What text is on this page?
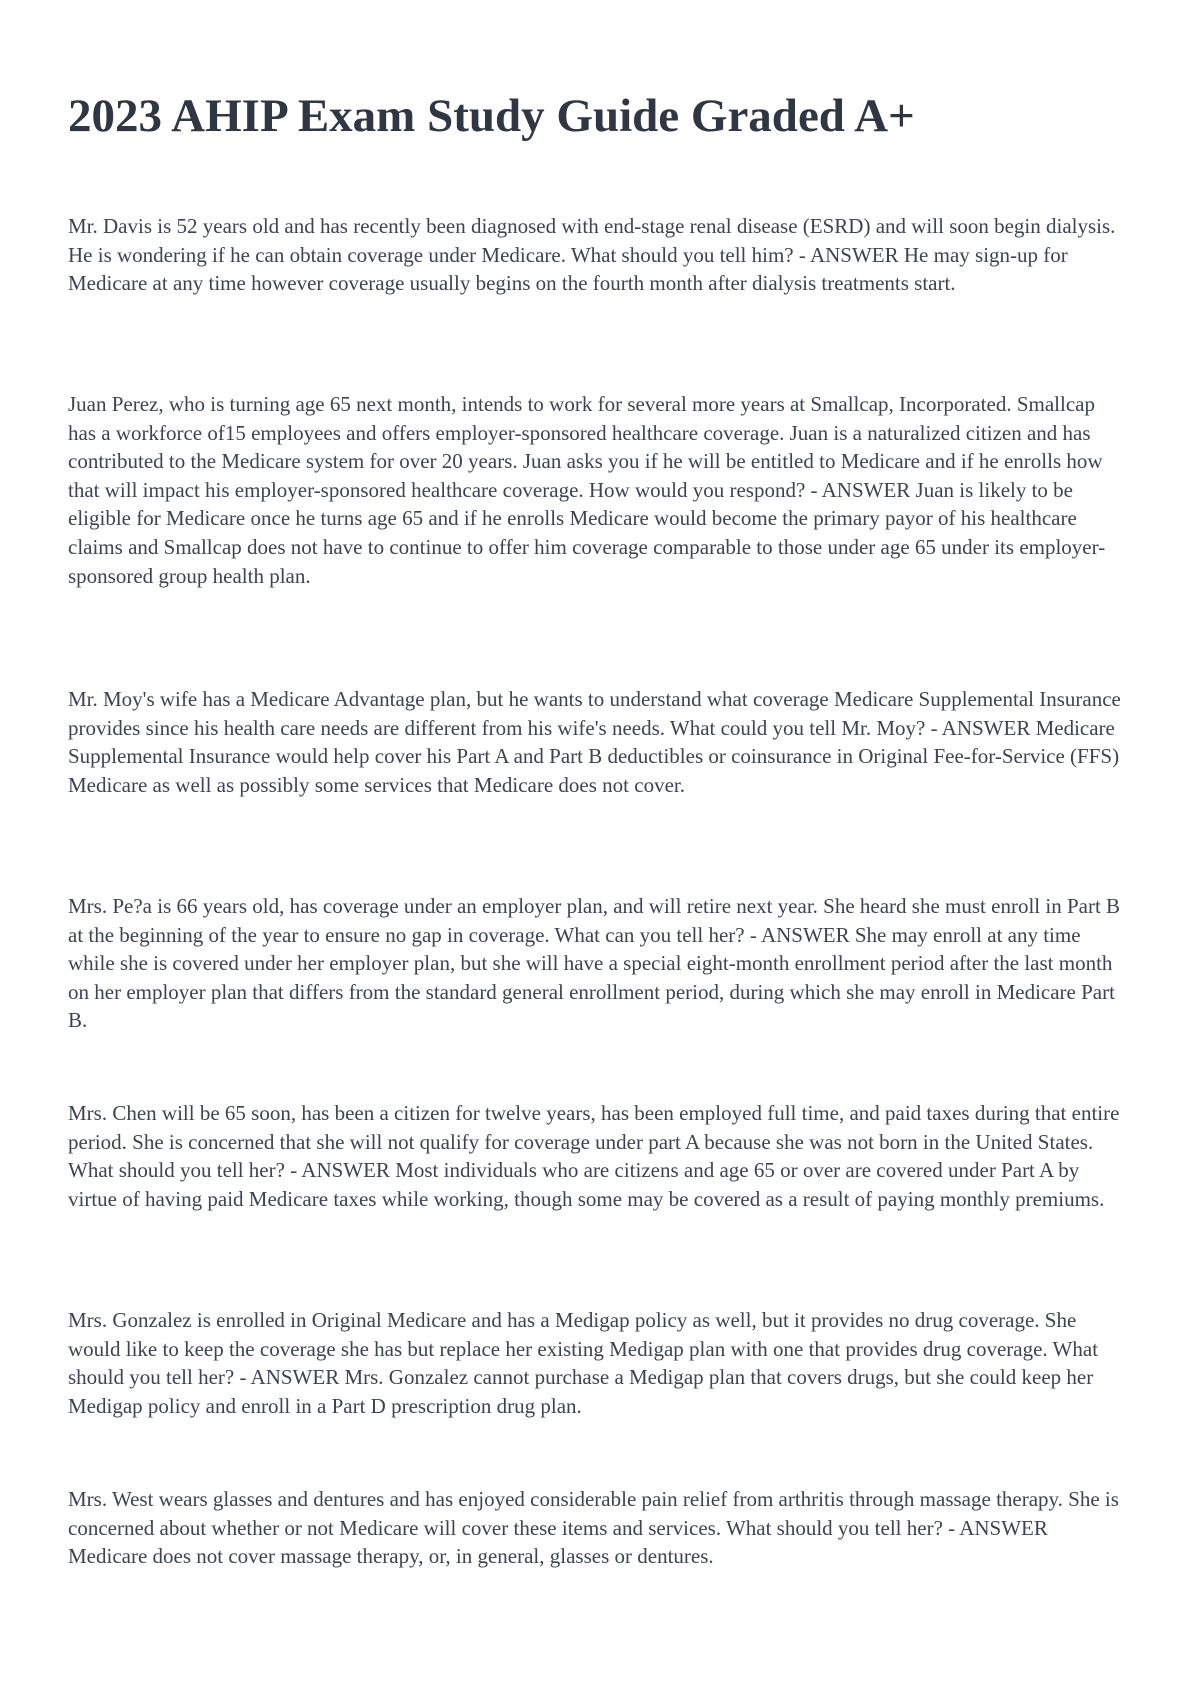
2023 AHIP Exam Study Guide Graded A+

Mr. Davis is 52 years old and has recently been diagnosed with end-stage renal disease (ESRD) and will soon begin dialysis. He is wondering if he can obtain coverage under Medicare. What should you tell him? - ANSWER He may sign-up for Medicare at any time however coverage usually begins on the fourth month after dialysis treatments start.

Juan Perez, who is turning age 65 next month, intends to work for several more years at Smallcap, Incorporated. Smallcap has a workforce of15 employees and offers employer-sponsored healthcare coverage. Juan is a naturalized citizen and has contributed to the Medicare system for over 20 years. Juan asks you if he will be entitled to Medicare and if he enrolls how that will impact his employer-sponsored healthcare coverage. How would you respond? - ANSWER Juan is likely to be eligible for Medicare once he turns age 65 and if he enrolls Medicare would become the primary payor of his healthcare claims and Smallcap does not have to continue to offer him coverage comparable to those under age 65 under its employer-sponsored group health plan.

Mr. Moy's wife has a Medicare Advantage plan, but he wants to understand what coverage Medicare Supplemental Insurance provides since his health care needs are different from his wife's needs. What could you tell Mr. Moy? - ANSWER Medicare Supplemental Insurance would help cover his Part A and Part B deductibles or coinsurance in Original Fee-for-Service (FFS) Medicare as well as possibly some services that Medicare does not cover.

Mrs. Pe?a is 66 years old, has coverage under an employer plan, and will retire next year. She heard she must enroll in Part B at the beginning of the year to ensure no gap in coverage. What can you tell her? - ANSWER She may enroll at any time while she is covered under her employer plan, but she will have a special eight-month enrollment period after the last month on her employer plan that differs from the standard general enrollment period, during which she may enroll in Medicare Part B.

Mrs. Chen will be 65 soon, has been a citizen for twelve years, has been employed full time, and paid taxes during that entire period. She is concerned that she will not qualify for coverage under part A because she was not born in the United States. What should you tell her? - ANSWER Most individuals who are citizens and age 65 or over are covered under Part A by virtue of having paid Medicare taxes while working, though some may be covered as a result of paying monthly premiums.

Mrs. Gonzalez is enrolled in Original Medicare and has a Medigap policy as well, but it provides no drug coverage. She would like to keep the coverage she has but replace her existing Medigap plan with one that provides drug coverage. What should you tell her? - ANSWER Mrs. Gonzalez cannot purchase a Medigap plan that covers drugs, but she could keep her Medigap policy and enroll in a Part D prescription drug plan.

Mrs. West wears glasses and dentures and has enjoyed considerable pain relief from arthritis through massage therapy. She is concerned about whether or not Medicare will cover these items and services. What should you tell her? - ANSWER Medicare does not cover massage therapy, or, in general, glasses or dentures.
